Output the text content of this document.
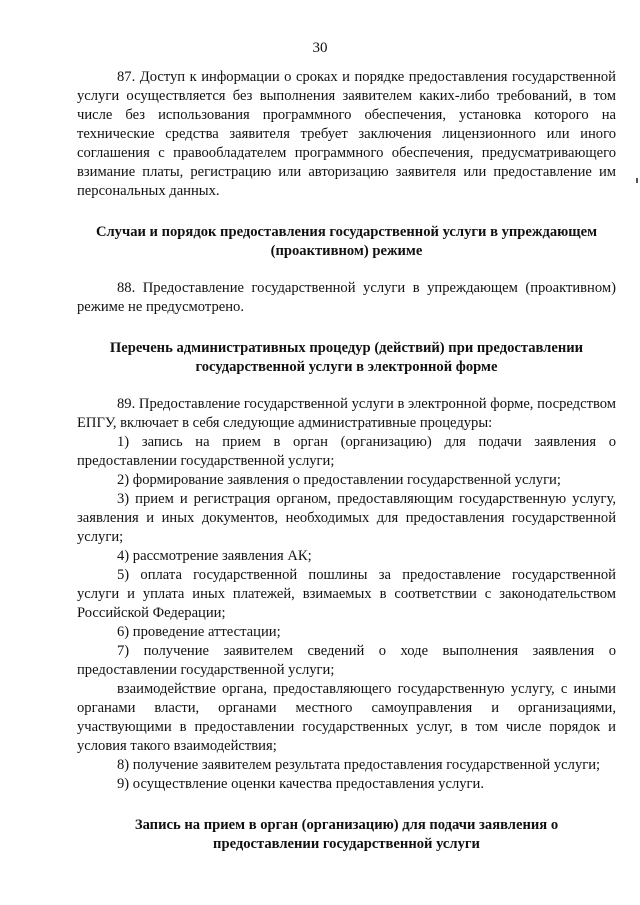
30

87. Доступ к информации о сроках и порядке предоставления государственной услуги осуществляется без выполнения заявителем каких-либо требований, в том числе без использования программного обеспечения, установка которого на технические средства заявителя требует заключения лицензионного или иного соглашения с правообладателем программного обеспечения, предусматривающего взимание платы, регистрацию или авторизацию заявителя или предоставление им персональных данных.

Случаи и порядок предоставления государственной услуги в упреждающем (проактивном) режиме

88. Предоставление государственной услуги в упреждающем (проактивном) режиме не предусмотрено.

Перечень административных процедур (действий) при предоставлении государственной услуги в электронной форме

89. Предоставление государственной услуги в электронной форме, посредством ЕПГУ, включает в себя следующие административные процедуры:

1) запись на прием в орган (организацию) для подачи заявления о предоставлении государственной услуги;

2) формирование заявления о предоставлении государственной услуги;

3) прием и регистрация органом, предоставляющим государственную услугу, заявления и иных документов, необходимых для предоставления государственной услуги;

4) рассмотрение заявления АК;

5) оплата государственной пошлины за предоставление государственной услуги и уплата иных платежей, взимаемых в соответствии с законодательством Российской Федерации;

6) проведение аттестации;

7) получение заявителем сведений о ходе выполнения заявления о предоставлении государственной услуги;

взаимодействие органа, предоставляющего государственную услугу, с иными органами власти, органами местного самоуправления и организациями, участвующими в предоставлении государственных услуг, в том числе порядок и условия такого взаимодействия;

8) получение заявителем результата предоставления государственной услуги;

9) осуществление оценки качества предоставления услуги.

Запись на прием в орган (организацию) для подачи заявления о предоставлении государственной услуги
